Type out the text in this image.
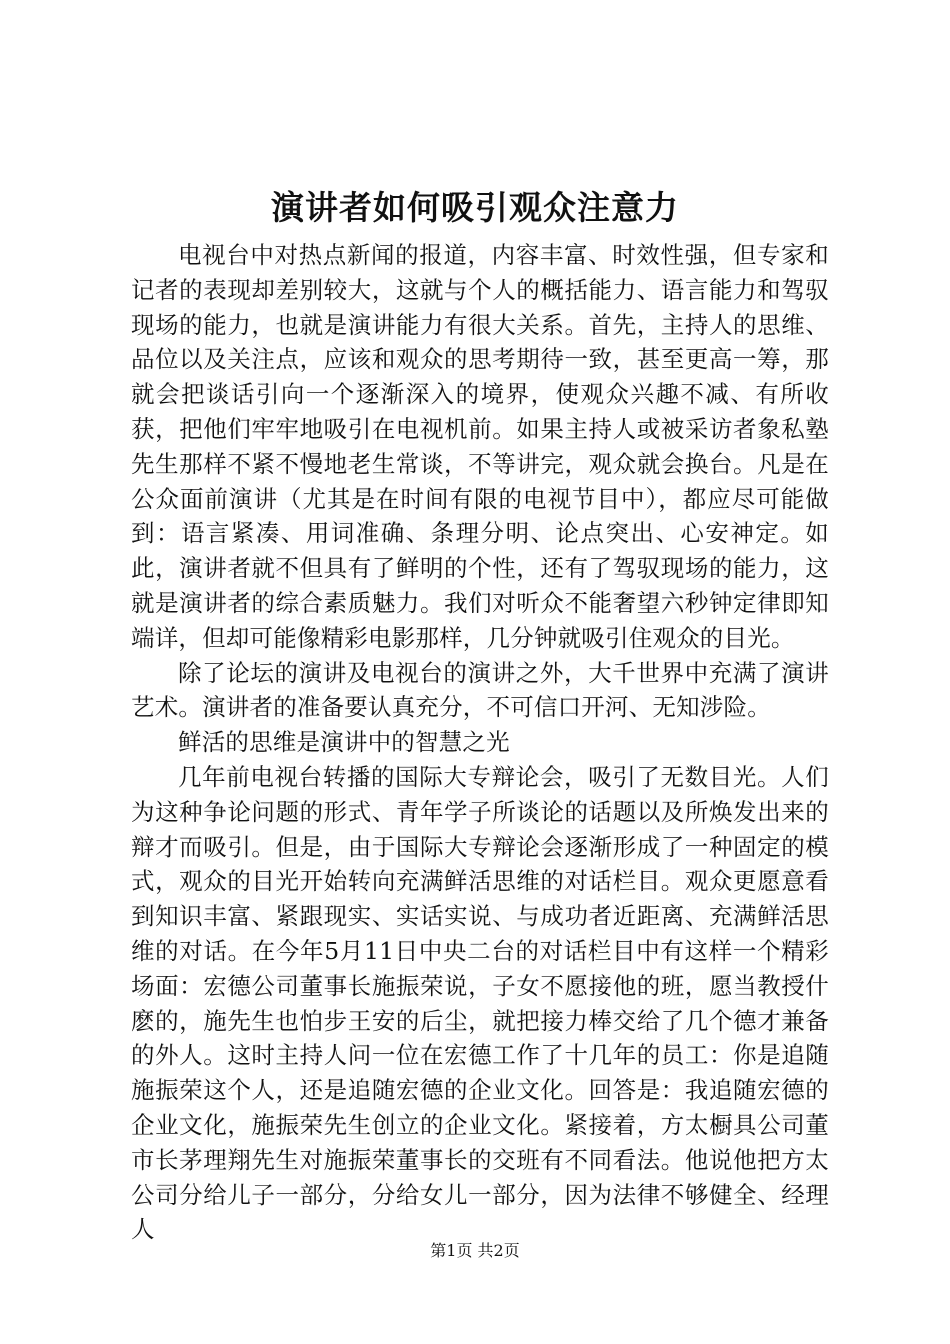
演讲者如何吸引观众注意力

电视台中对热点新闻的报道，内容丰富、时效性强，但专家和记者的表现却差别较大，这就与个人的概括能力、语言能力和驾驭现场的能力，也就是演讲能力有很大关系。首先，主持人的思维、品位以及关注点，应该和观众的思考期待一致，甚至更高一筹，那就会把谈话引向一个逐渐深入的境界，使观众兴趣不减、有所收获，把他们牢牢地吸引在电视机前。如果主持人或被采访者象私塾先生那样不紧不慢地老生常谈，不等讲完，观众就会换台。凡是在公众面前演讲（尤其是在时间有限的电视节目中），都应尽可能做到：语言紧凑、用词准确、条理分明、论点突出、心安神定。如此，演讲者就不但具有了鲜明的个性，还有了驾驭现场的能力，这就是演讲者的综合素质魅力。我们对听众不能奢望六秒钟定律即知端详，但却可能像精彩电影那样，几分钟就吸引住观众的目光。

除了论坛的演讲及电视台的演讲之外，大千世界中充满了演讲艺术。演讲者的准备要认真充分，不可信口开河、无知涉险。

鲜活的思维是演讲中的智慧之光

几年前电视台转播的国际大专辩论会，吸引了无数目光。人们为这种争论问题的形式、青年学子所谈论的话题以及所焕发出来的辩才而吸引。但是，由于国际大专辩论会逐渐形成了一种固定的模式，观众的目光开始转向充满鲜活思维的对话栏目。观众更愿意看到知识丰富、紧跟现实、实话实说、与成功者近距离、充满鲜活思维的对话。在今年5月11日中央二台的对话栏目中有这样一个精彩场面：宏德公司董事长施振荣说，子女不愿接他的班，愿当教授什麽的，施先生也怕步王安的后尘，就把接力棒交给了几个德才兼备的外人。这时主持人问一位在宏德工作了十几年的员工：你是追随施振荣这个人，还是追随宏德的企业文化。回答是：我追随宏德的企业文化，施振荣先生创立的企业文化。紧接着，方太橱具公司董市长茅理翔先生对施振荣董事长的交班有不同看法。他说他把方太公司分给儿子一部分，分给女儿一部分，因为法律不够健全、经理人

第1页 共2页
